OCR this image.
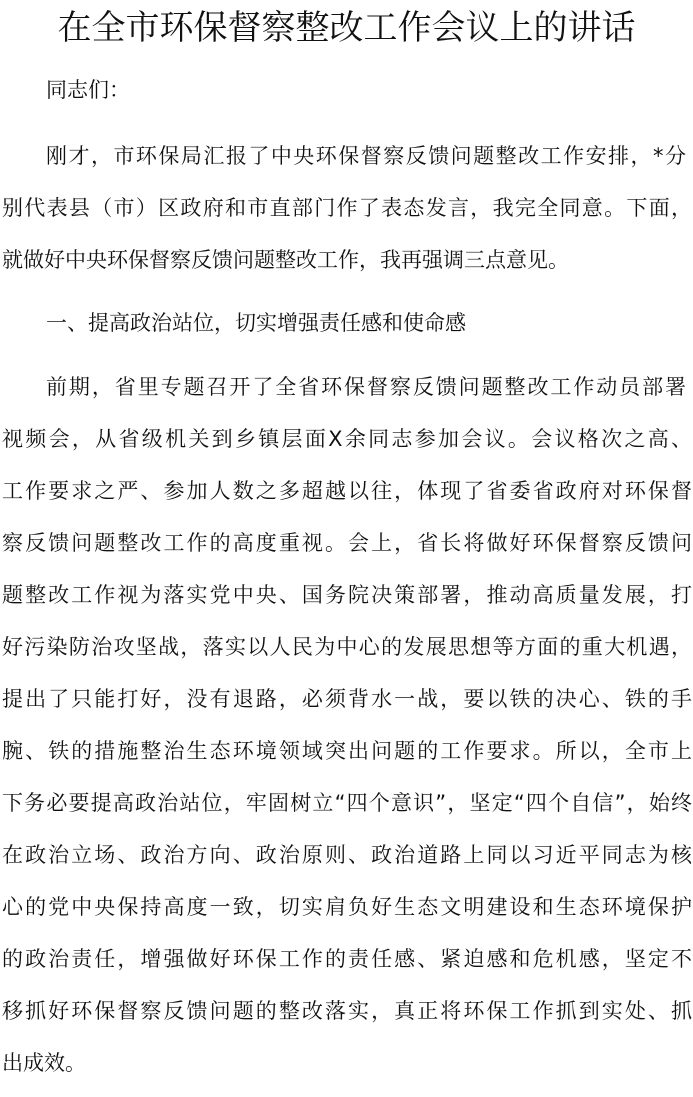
在全市环保督察整改工作会议上的讲话
同志们：
刚才，市环保局汇报了中央环保督察反馈问题整改工作安排，*分
别代表县（市）区政府和市直部门作了表态发言，我完全同意。下面，
就做好中央环保督察反馈问题整改工作，我再强调三点意见。
一、提高政治站位，切实增强责任感和使命感
前期，省里专题召开了全省环保督察反馈问题整改工作动员部署
视频会，从省级机关到乡镇层面X余同志参加会议。会议格次之高、
工作要求之严、参加人数之多超越以往，体现了省委省政府对环保督
察反馈问题整改工作的高度重视。会上，省长将做好环保督察反馈问
题整改工作视为落实党中央、国务院决策部署，推动高质量发展，打
好污染防治攻坚战，落实以人民为中心的发展思想等方面的重大机遇，
提出了只能打好，没有退路，必须背水一战，要以铁的决心、铁的手
腕、铁的措施整治生态环境领域突出问题的工作要求。所以，全市上
下务必要提高政治站位，牢固树立“四个意识”，坚定“四个自信”，始终
在政治立场、政治方向、政治原则、政治道路上同以习近平同志为核
心的党中央保持高度一致，切实肩负好生态文明建设和生态环境保护
的政治责任，增强做好环保工作的责任感、紧迫感和危机感，坚定不
移抓好环保督察反馈问题的整改落实，真正将环保工作抓到实处、抓
出成效。
